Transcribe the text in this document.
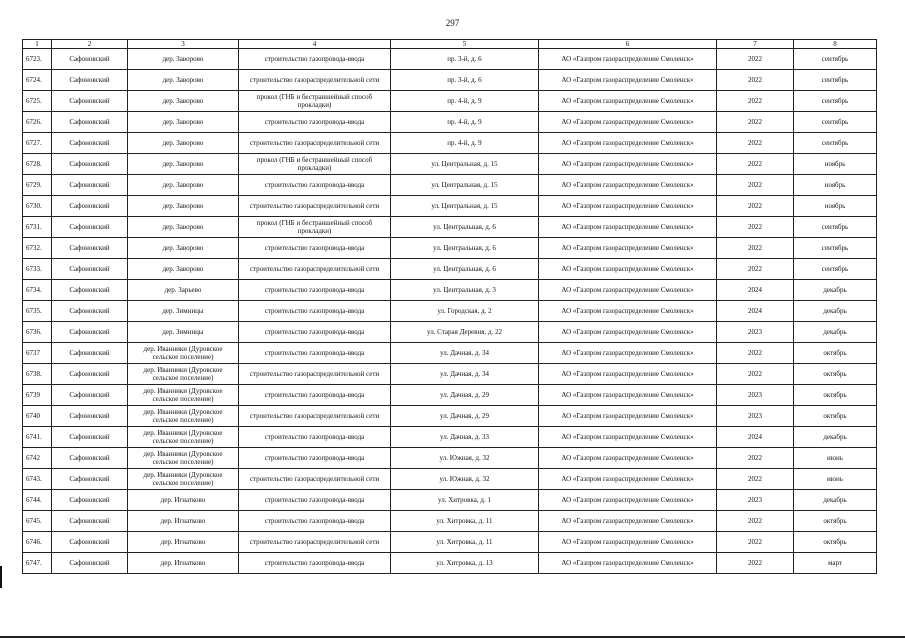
297
1	2	3	4	5	6	7	8
6723.	Сафоновский	дер. Заворово	строительство газопровода-ввода	пр. 3-й, д. 6	АО «Газпром газораспределение Смоленск»	2022	сентябрь
6724.	Сафоновский	дер. Заворово	строительство газораспределительной сети	пр. 3-й, д. 6	АО «Газпром газораспределение Смоленск»	2022	сентябрь
6725.	Сафоновский	дер. Заворово	прокол (ГНБ и бестраншейный способ прокладки)	пр. 4-й, д. 9	АО «Газпром газораспределение Смоленск»	2022	сентябрь
6726.	Сафоновский	дер. Заворово	строительство газопровода-ввода	пр. 4-й, д. 9	АО «Газпром газораспределение Смоленск»	2022	сентябрь
6727.	Сафоновский	дер. Заворово	строительство газораспределительной сети	пр. 4-й, д. 9	АО «Газпром газораспределение Смоленск»	2022	сентябрь
6728.	Сафоновский	дер. Заворово	прокол (ГНБ и бестраншейный способ прокладки)	ул. Центральная, д. 15	АО «Газпром газораспределение Смоленск»	2022	ноябрь
6729.	Сафоновский	дер. Заворово	строительство газопровода-ввода	ул. Центральная, д. 15	АО «Газпром газораспределение Смоленск»	2022	ноябрь
6730.	Сафоновский	дер. Заворово	строительство газораспределительной сети	ул. Центральная, д. 15	АО «Газпром газораспределение Смоленск»	2022	ноябрь
6731.	Сафоновский	дер. Заворово	прокол (ГНБ и бестраншейный способ прокладки)	ул. Центральная, д. 6	АО «Газпром газораспределение Смоленск»	2022	сентябрь
6732.	Сафоновский	дер. Заворово	строительство газопровода-ввода	ул. Центральная, д. 6	АО «Газпром газораспределение Смоленск»	2022	сентябрь
6733.	Сафоновский	дер. Заворово	строительство газораспределительной сети	ул. Центральная, д. 6	АО «Газпром газораспределение Смоленск»	2022	сентябрь
6734.	Сафоновский	дер. Зарьево	строительство газопровода-ввода	ул. Центральная, д. 3	АО «Газпром газораспределение Смоленск»	2024	декабрь
6735.	Сафоновский	дер. Зимницы	строительство газопровода-ввода	ул. Городская, д. 2	АО «Газпром газораспределение Смоленск»	2024	декабрь
6736.	Сафоновский	дер. Зимницы	строительство газопровода-ввода	ул. Старая Деревня, д. 22	АО «Газпром газораспределение Смоленск»	2023	декабрь
6737	Сафоновский	дер. Иванники (Дуровское сельское поселение)	строительство газопровода-ввода	ул. Дачная, д. 34	АО «Газпром газораспределение Смоленск»	2022	октябрь
6738.	Сафоновский	дер. Иванники (Дуровское сельское поселение)	строительство газораспределительной сети	ул. Дачная, д. 34	АО «Газпром газораспределение Смоленск»	2022	октябрь
6739	Сафоновский	дер. Иванники (Дуровское сельское поселение)	строительство газопровода-ввода	ул. Дачная, д. 29	АО «Газпром газораспределение Смоленск»	2023	октябрь
6740	Сафоновский	дер. Иванники (Дуровское сельское поселение)	строительство газораспределительной сети	ул. Дачная, д. 29	АО «Газпром газораспределение Смоленск»	2023	октябрь
6741.	Сафоновский	дер. Иванники (Дуровское сельское поселение)	строительство газопровода-ввода	ул. Дачная, д. 33	АО «Газпром газораспределение Смоленск»	2024	декабрь
6742	Сафоновский	дер. Иванники (Дуровское сельское поселение)	строительство газопровода-ввода	ул. Южная, д. 32	АО «Газпром газораспределение Смоленск»	2022	июнь
6743.	Сафоновский	дер. Иванники (Дуровское сельское поселение)	строительство газораспределительной сети	ул. Южная, д. 32	АО «Газпром газораспределение Смоленск»	2022	июнь
6744.	Сафоновский	дер. Игнатково	строительство газопровода-ввода	ул. Хитровка, д. 1	АО «Газпром газораспределение Смоленск»	2023	декабрь
6745.	Сафоновский	дер. Игнатково	строительство газопровода-ввода	ул. Хитровка, д. 11	АО «Газпром газораспределение Смоленск»	2022	октябрь
6746.	Сафоновский	дер. Игнатково	строительство газораспределительной сети	ул. Хитровка, д. 11	АО «Газпром газораспределение Смоленск»	2022	октябрь
6747.	Сафоновский	дер. Игнатково	строительство газопровода-ввода	ул. Хитровка, д. 13	АО «Газпром газораспределение Смоленск»	2022	март
